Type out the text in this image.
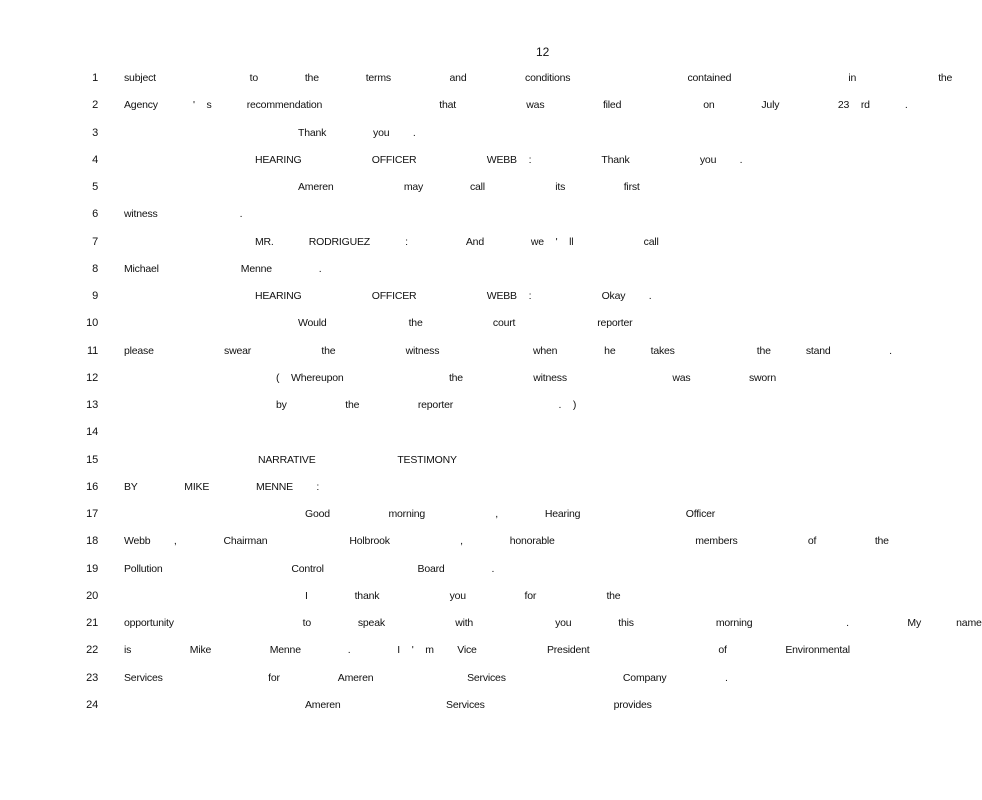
12
1 subject        to    the    terms     and     conditions          contained          in       the
2 Agency   ' s   recommendation          that      was     filed       on    July     23 rd   .
3	Thank    you  .
4	HEARING      OFFICER      WEBB :      Thank      you  .
5	Ameren      may    call      its     first
6 witness       .
7	MR.   RODRIGUEZ   :     And    we ' ll      call
8 Michael       Menne    .
9	HEARING      OFFICER      WEBB :      Okay  .
10	Would       the      court       reporter
11 please      swear      the      witness        when    he   takes       the   stand     .
12	( Whereupon         the      witness         was     sworn
13	by     the     reporter         . )
14
15	NARRATIVE       TESTIMONY
16 BY    MIKE    MENNE  :
17	Good     morning      ,    Hearing         Officer
18 Webb  ,    Chairman       Holbrook      ,    honorable            members      of     the
19 Pollution           Control        Board    .
20	I    thank      you     for      the
21 opportunity           to    speak      with       you    this       morning        .     My   name
22 is     Mike     Menne    .    I ' m  Vice      President           of     Environmental
23 Services         for     Ameren        Services          Company     .
24	Ameren         Services           provides
